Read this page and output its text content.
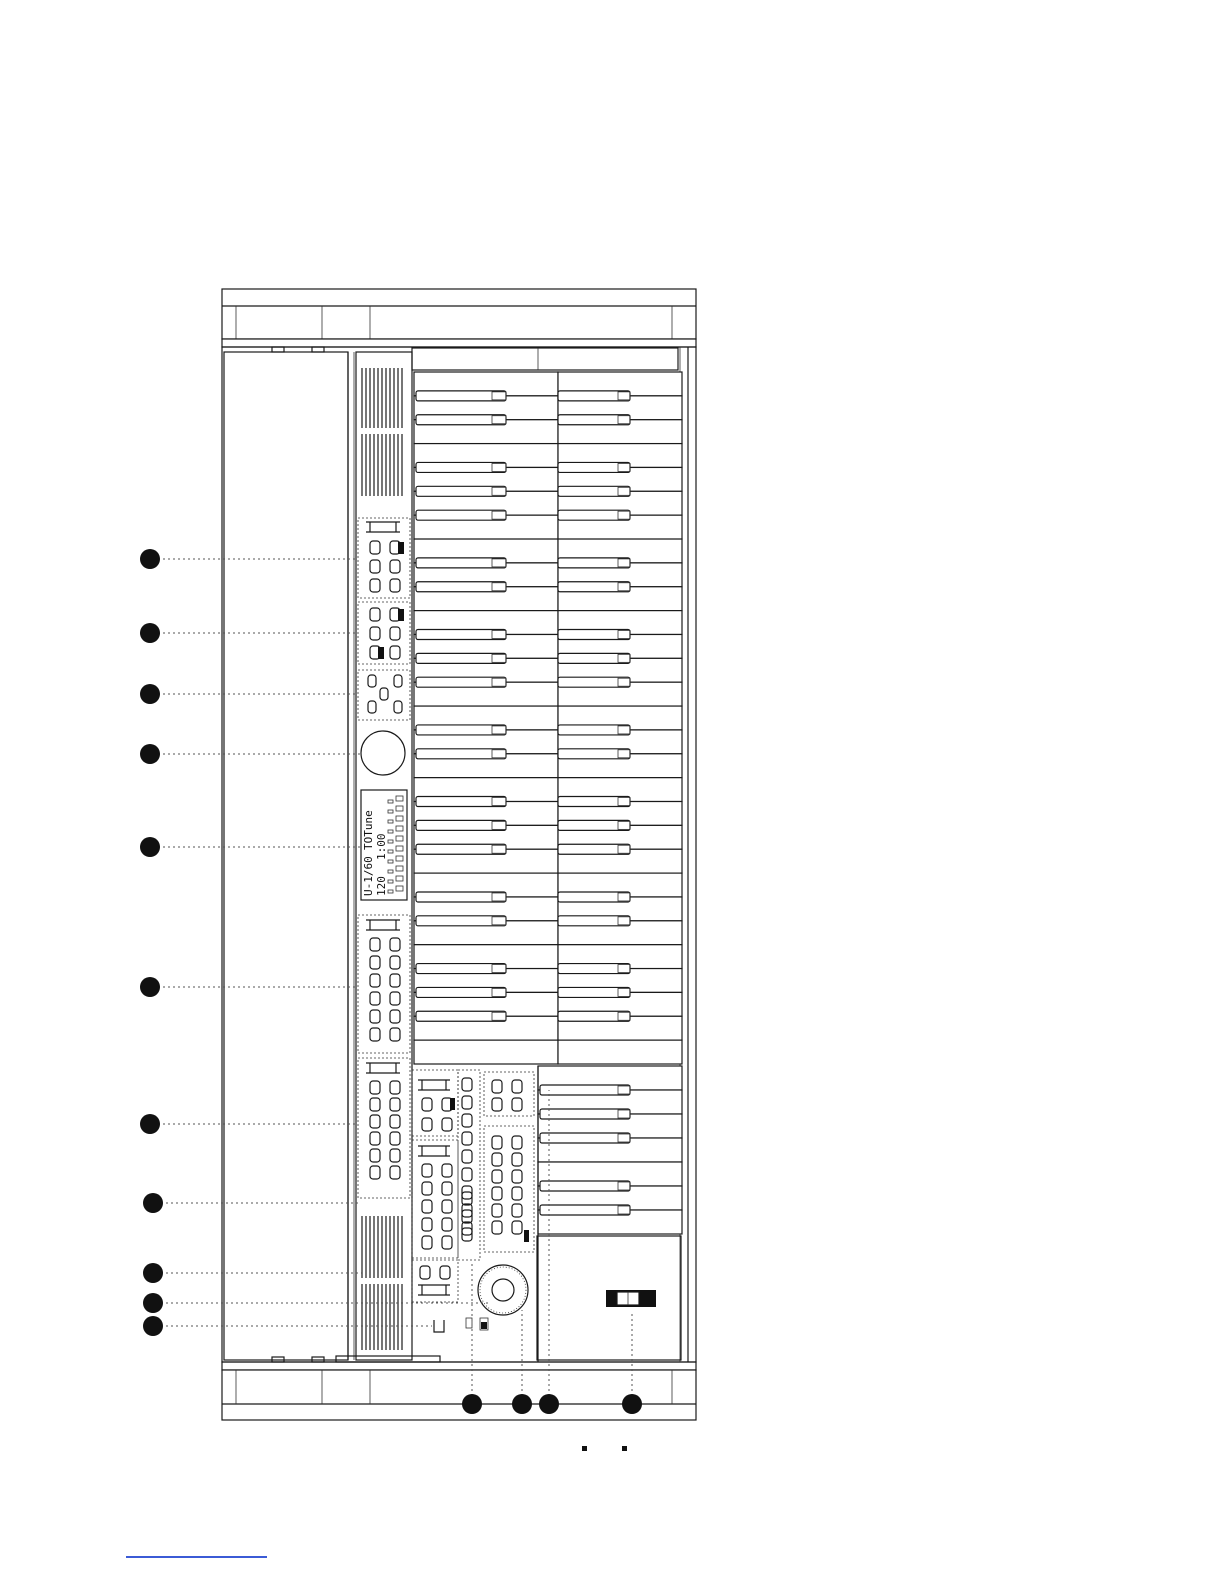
U-1/60
TOTune
120
1:00
